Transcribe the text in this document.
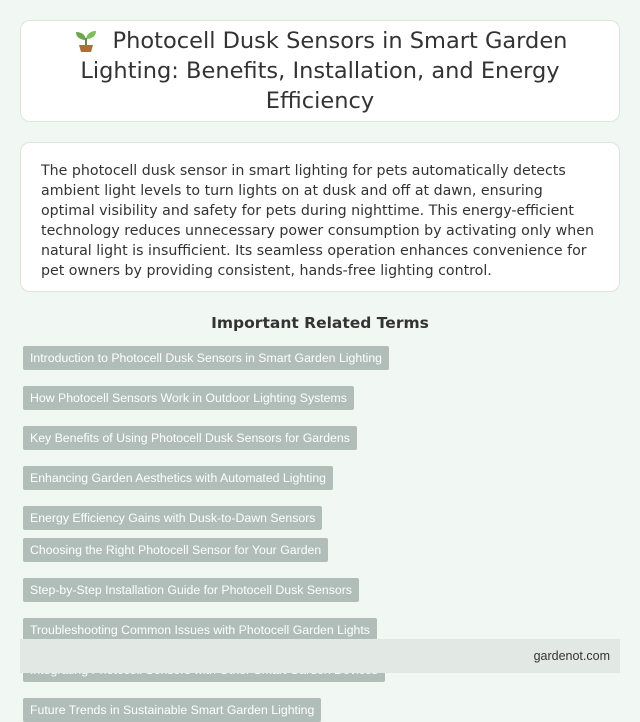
Photocell Dusk Sensors in Smart Garden Lighting: Benefits, Installation, and Energy Efficiency

The photocell dusk sensor in smart lighting for pets automatically detects ambient light levels to turn lights on at dusk and off at dawn, ensuring optimal visibility and safety for pets during nighttime. This energy-efficient technology reduces unnecessary power consumption by activating only when natural light is insufficient. Its seamless operation enhances convenience for pet owners by providing consistent, hands-free lighting control.

Important Related Terms
Introduction to Photocell Dusk Sensors in Smart Garden Lighting
How Photocell Sensors Work in Outdoor Lighting Systems
Key Benefits of Using Photocell Dusk Sensors for Gardens
Enhancing Garden Aesthetics with Automated Lighting
Energy Efficiency Gains with Dusk-to-Dawn Sensors
Choosing the Right Photocell Sensor for Your Garden
Step-by-Step Installation Guide for Photocell Dusk Sensors
Troubleshooting Common Issues with Photocell Garden Lights
Future Trends in Sustainable Smart Garden Lighting
gardenot.com
